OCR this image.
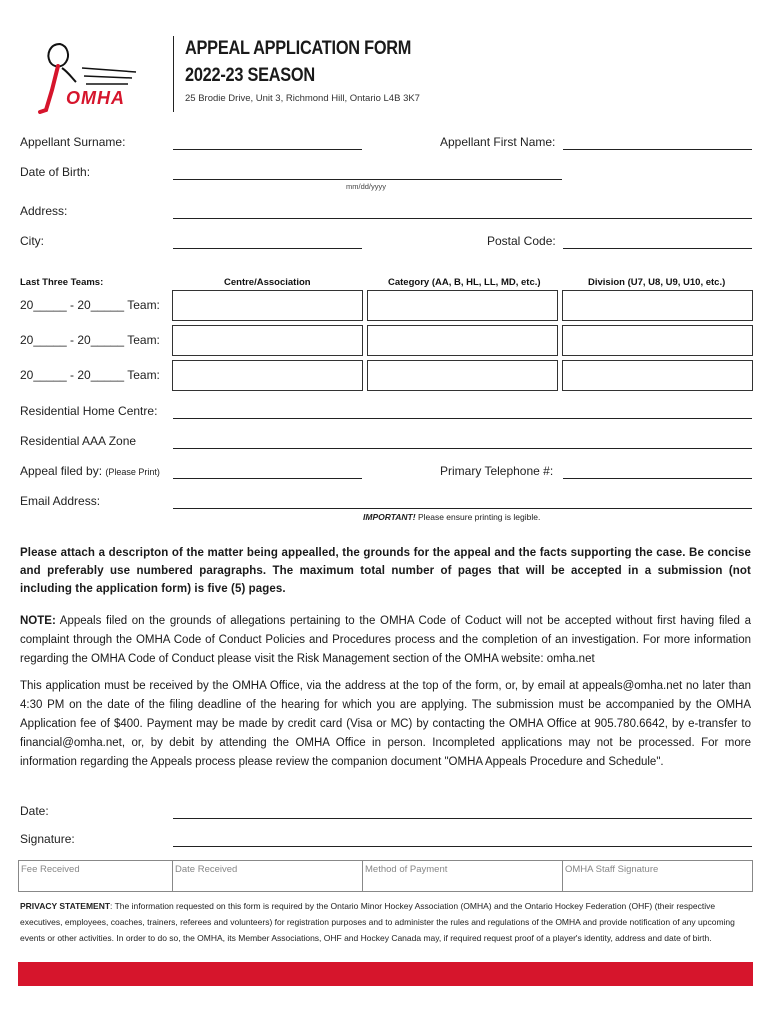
OMHA
APPEAL APPLICATION FORM
2022-23 SEASON
25 Brodie Drive, Unit 3, Richmond Hill, Ontario L4B 3K7
Appellant Surname:	Appellant First Name:
Date of Birth:
mm/dd/yyyy
Address:
City:	Postal Code:
Last Three Teams:	Centre/Association	Category (AA, B, HL, LL, MD, etc.)	Division (U7, U8, U9, U10, etc.)
20_____ - 20_____ Team:
20_____ - 20_____ Team:
20_____ - 20_____ Team:
Residential Home Centre:
Residential AAA Zone
Appeal filed by: (Please Print)	Primary Telephone #:
Email Address:
IMPORTANT! Please ensure printing is legible.
Please attach a descripton of the matter being appealled, the grounds for the appeal and the facts supporting the case. Be concise and preferably use numbered paragraphs. The maximum total number of pages that will be accepted in a submission (not including the application form) is five (5) pages.
NOTE: Appeals filed on the grounds of allegations pertaining to the OMHA Code of Coduct will not be accepted without first having filed a complaint through the OMHA Code of Conduct Policies and Procedures process and the completion of an investigation. For more information regarding the OMHA Code of Conduct please visit the Risk Management section of the OMHA website: omha.net
This application must be received by the OMHA Office, via the address at the top of the form, or, by email at appeals@omha.net no later than 4:30 PM on the date of the filing deadline of the hearing for which you are applying. The submission must be accompanied by the OMHA Application fee of $400. Payment may be made by credit card (Visa or MC) by contacting the OMHA Office at 905.780.6642, by e-transfer to financial@omha.net, or, by debit by attending the OMHA Office in person. Incompleted applications may not be processed. For more information regarding the Appeals process please review the companion document "OMHA Appeals Procedure and Schedule".
Date:
Signature:
Fee Received	Date Received	Method of Payment	OMHA Staff Signature
PRIVACY STATEMENT: The information requested on this form is required by the Ontario Minor Hockey Association (OMHA) and the Ontario Hockey Federation (OHF) (their respective executives, employees, coaches, trainers, referees and volunteers) for registration purposes and to administer the rules and regulations of the OMHA and provide notification of any upcoming events or other activities. In order to do so, the OMHA, its Member Associations, OHF and Hockey Canada may, if required request proof of a player's identity, address and date of birth.
